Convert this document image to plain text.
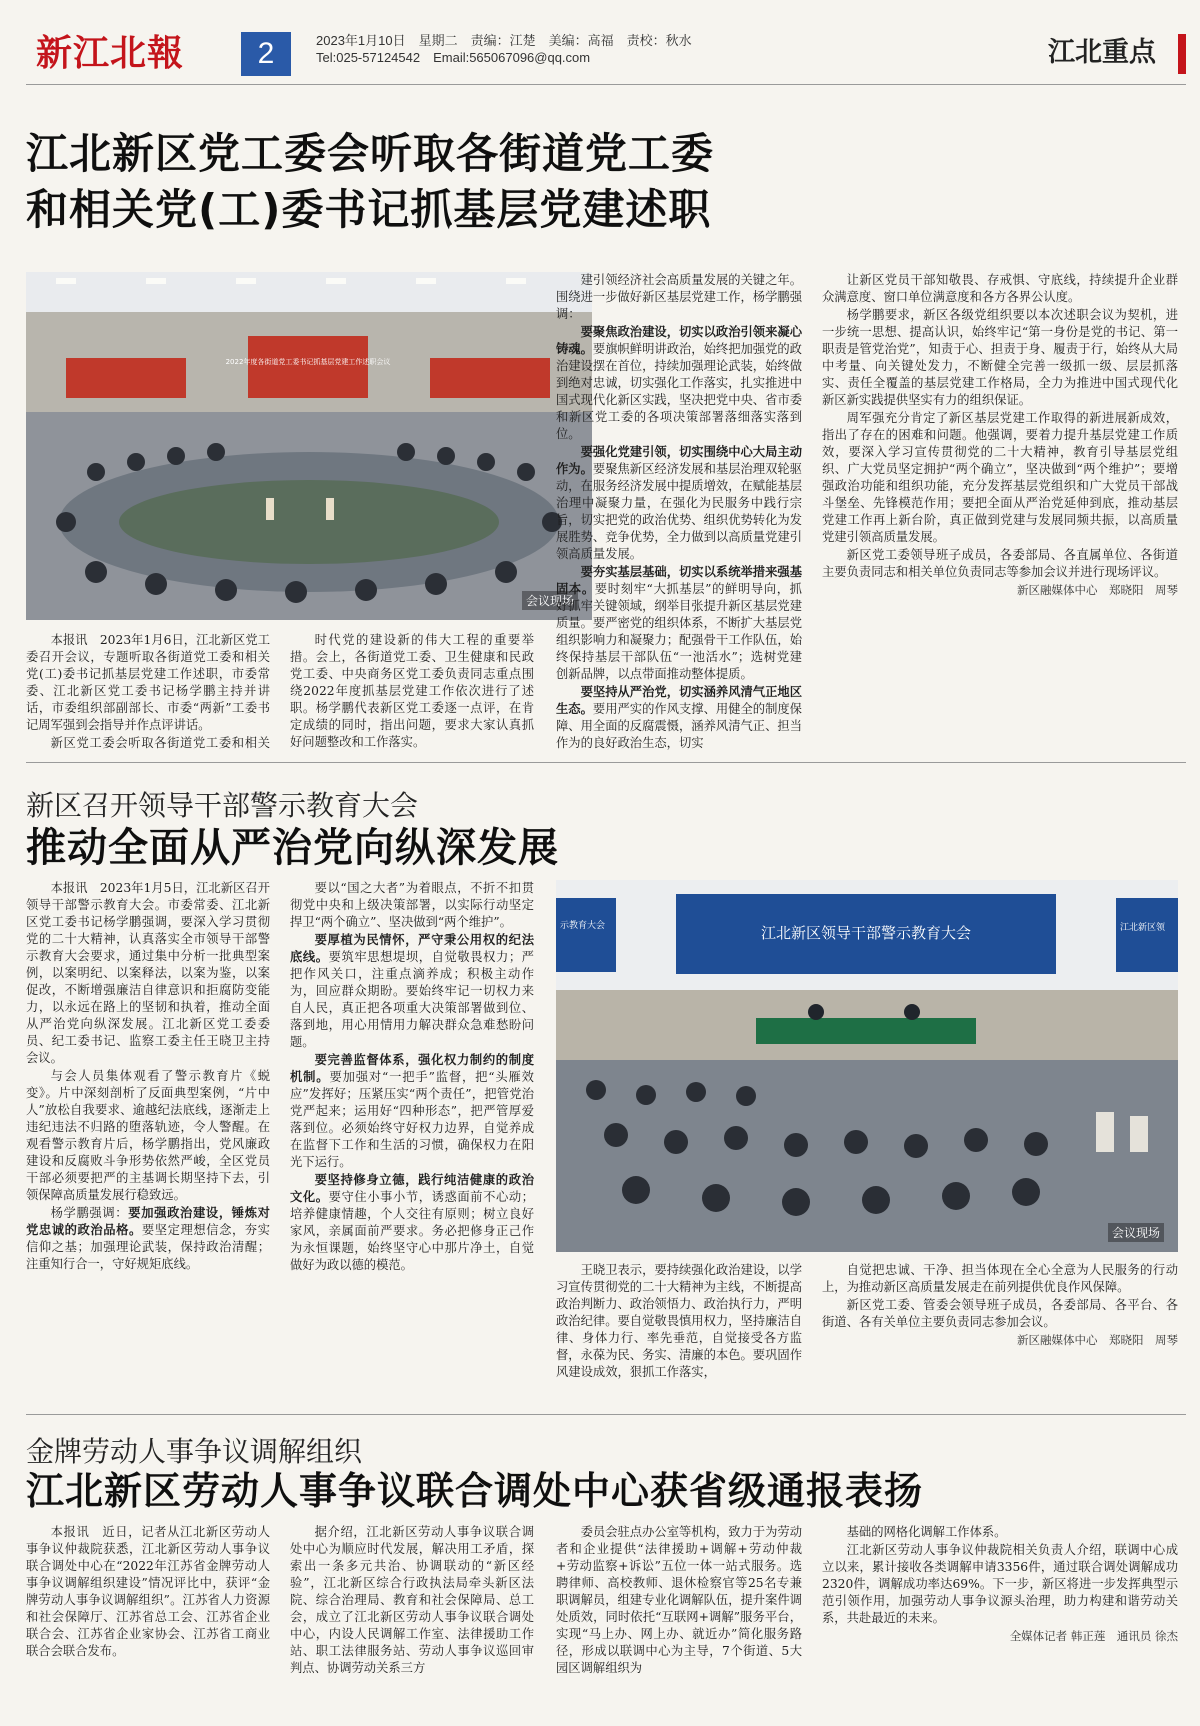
新江北報	2	2023年1月10日　星期二　责编：江楚　美编：高福　责校：秋水
Tel:025-57124542　Email:565067096@qq.com	江北重点
江北新区党工委会听取各街道党工委
和相关党(工)委书记抓基层党建述职
2022年度各街道党工委书记抓基层党建工作述职会议
会议现场

本报讯　2023年1月6日，江北新区党工委召开会议，专题听取各街道党工委和相关党(工)委书记抓基层党建工作述职，市委常委、江北新区党工委书记杨学鹏主持并讲话，市委组织部副部长、市委“两新”工委书记周军强到会指导并作点评讲话。

新区党工委会听取各街道党工委和相关

时代党的建设新的伟大工程的重要举措。会上，各街道党工委、卫生健康和民政党工委、中央商务区党工委负责同志重点围绕2022年度抓基层党建工作依次进行了述职。杨学鹏代表新区党工委逐一点评，在肯定成绩的同时，指出问题，要求大家认真抓好问题整改和工作落实。

建引领经济社会高质量发展的关键之年。围绕进一步做好新区基层党建工作，杨学鹏强调：

要聚焦政治建设，切实以政治引领来凝心铸魂。要旗帜鲜明讲政治，始终把加强党的政治建设摆在首位，持续加强理论武装，始终做到绝对忠诚，切实强化工作落实，扎实推进中国式现代化新区实践，坚决把党中央、省市委和新区党工委的各项决策部署落细落实落到位。

要强化党建引领，切实围绕中心大局主动作为。要聚焦新区经济发展和基层治理双轮驱动，在服务经济发展中提质增效，在赋能基层治理中凝聚力量，在强化为民服务中践行宗旨，切实把党的政治优势、组织优势转化为发展胜势、竞争优势，全力做到以高质量党建引领高质量发展。

要夯实基层基础，切实以系统举措来强基固本。要时刻牢“大抓基层”的鲜明导向，抓好抓牢关键领域，纲举目张提升新区基层党建质量。要严密党的组织体系，不断扩大基层党组织影响力和凝聚力；配强骨干工作队伍，始终保持基层干部队伍“一池活水”；选树党建创新品牌，以点带面推动整体提质。

要坚持从严治党，切实涵养风清气正地区生态。要用严实的作风支撑、用健全的制度保障、用全面的反腐震慑，涵养风清气正、担当作为的良好政治生态，切实

让新区党员干部知敬畏、存戒惧、守底线，持续提升企业群众满意度、窗口单位满意度和各方各界公认度。

杨学鹏要求，新区各级党组织要以本次述职会议为契机，进一步统一思想、提高认识，始终牢记“第一身份是党的书记、第一职责是管党治党”，知责于心、担责于身、履责于行，始终从大局中考量、向关键处发力，不断健全完善一级抓一级、层层抓落实、责任全覆盖的基层党建工作格局，全力为推进中国式现代化新区新实践提供坚实有力的组织保证。

周军强充分肯定了新区基层党建工作取得的新进展新成效，指出了存在的困难和问题。他强调，要着力提升基层党建工作质效，要深入学习宣传贯彻党的二十大精神，教育引导基层党组织、广大党员坚定拥护“两个确立”，坚决做到“两个维护”；要增强政治功能和组织功能，充分发挥基层党组织和广大党员干部战斗堡垒、先锋模范作用；要把全面从严治党延伸到底，推动基层党建工作再上新台阶，真正做到党建与发展同频共振，以高质量党建引领高质量发展。

新区党工委领导班子成员，各委部局、各直属单位、各街道主要负责同志和相关单位负责同志等参加会议并进行现场评议。

新区融媒体中心　郑晓阳　周琴
新区召开领导干部警示教育大会
推动全面从严治党向纵深发展

本报讯　2023年1月5日，江北新区召开领导干部警示教育大会。市委常委、江北新区党工委书记杨学鹏强调，要深入学习贯彻党的二十大精神，认真落实全市领导干部警示教育大会要求，通过集中分析一批典型案例，以案明纪、以案释法，以案为鉴，以案促改，不断增强廉洁自律意识和拒腐防变能力，以永远在路上的坚韧和执着，推动全面从严治党向纵深发展。江北新区党工委委员、纪工委书记、监察工委主任王晓卫主持会议。

与会人员集体观看了警示教育片《蜕变》。片中深刻剖析了反面典型案例，“片中人”放松自我要求、逾越纪法底线，逐渐走上违纪违法不归路的堕落轨迹，令人警醒。在观看警示教育片后，杨学鹏指出，党风廉政建设和反腐败斗争形势依然严峻，全区党员干部必须要把严的主基调长期坚持下去，引领保障高质量发展行稳致远。

杨学鹏强调：要加强政治建设，锤炼对党忠诚的政治品格。要坚定理想信念，夯实信仰之基；加强理论武装，保持政治清醒；注重知行合一，守好规矩底线。

要以“国之大者”为着眼点，不折不扣贯彻党中央和上级决策部署，以实际行动坚定捍卫“两个确立”、坚决做到“两个维护”。

要厚植为民情怀，严守秉公用权的纪法底线。要筑牢思想堤坝，自觉敬畏权力；严把作风关口，注重点滴养成；积极主动作为，回应群众期盼。要始终牢记一切权力来自人民，真正把各项重大决策部署做到位、落到地，用心用情用力解决群众急难愁盼问题。

要完善监督体系，强化权力制约的制度机制。要加强对“一把手”监督，把“头雁效应”发挥好；压紧压实“两个责任”，把管党治党严起来；运用好“四种形态”，把严管厚爱落到位。必须始终守好权力边界，自觉养成在监督下工作和生活的习惯，确保权力在阳光下运行。

要坚持修身立德，践行纯洁健康的政治文化。要守住小事小节，诱惑面前不心动；培养健康情趣，个人交往有原则；树立良好家风，亲属面前严要求。务必把修身正己作为永恒课题，始终坚守心中那片净土，自觉做好为政以德的模范。

江北新区领导干部警示教育大会
示教育大会	江北新区领
会议现场

王晓卫表示，要持续强化政治建设，以学习宣传贯彻党的二十大精神为主线，不断提高政治判断力、政治领悟力、政治执行力，严明政治纪律。要自觉敬畏慎用权力，坚持廉洁自律、身体力行、率先垂范，自觉接受各方监督，永葆为民、务实、清廉的本色。要巩固作风建设成效，狠抓工作落实，

自觉把忠诚、干净、担当体现在全心全意为人民服务的行动上，为推动新区高质量发展走在前列提供优良作风保障。

新区党工委、管委会领导班子成员，各委部局、各平台、各街道、各有关单位主要负责同志参加会议。

新区融媒体中心　郑晓阳　周琴
金牌劳动人事争议调解组织
江北新区劳动人事争议联合调处中心获省级通报表扬

本报讯　近日，记者从江北新区劳动人事争议仲裁院获悉，江北新区劳动人事争议联合调处中心在“2022年江苏省金牌劳动人事争议调解组织建设”情况评比中，获评“金牌劳动人事争议调解组织”。江苏省人力资源和社会保障厅、江苏省总工会、江苏省企业联合会、江苏省企业家协会、江苏省工商业联合会联合发布。

据介绍，江北新区劳动人事争议联合调处中心为顺应时代发展，解决用工矛盾，探索出一条多元共治、协调联动的“新区经验”，江北新区综合行政执法局牵头新区法院、综合治理局、教育和社会保障局、总工会，成立了江北新区劳动人事争议联合调处中心，内设人民调解工作室、法律援助工作站、职工法律服务站、劳动人事争议巡回审判点、协调劳动关系三方

委员会驻点办公室等机构，致力于为劳动者和企业提供“法律援助+调解+劳动仲裁+劳动监察+诉讼”五位一体一站式服务。选聘律师、高校教师、退休检察官等25名专兼职调解员，组建专业化调解队伍，提升案件调处质效，同时依托“互联网+调解”服务平台，实现“马上办、网上办、就近办”简化服务路径，形成以联调中心为主导，7个街道、5大园区调解组织为

基础的网格化调解工作体系。

江北新区劳动人事争议仲裁院相关负责人介绍，联调中心成立以来，累计接收各类调解申请3356件，通过联合调处调解成功2320件，调解成功率达69%。下一步，新区将进一步发挥典型示范引领作用，加强劳动人事争议源头治理，助力构建和谐劳动关系，共赴最近的未来。

全媒体记者 韩正莲　通讯员 徐杰
